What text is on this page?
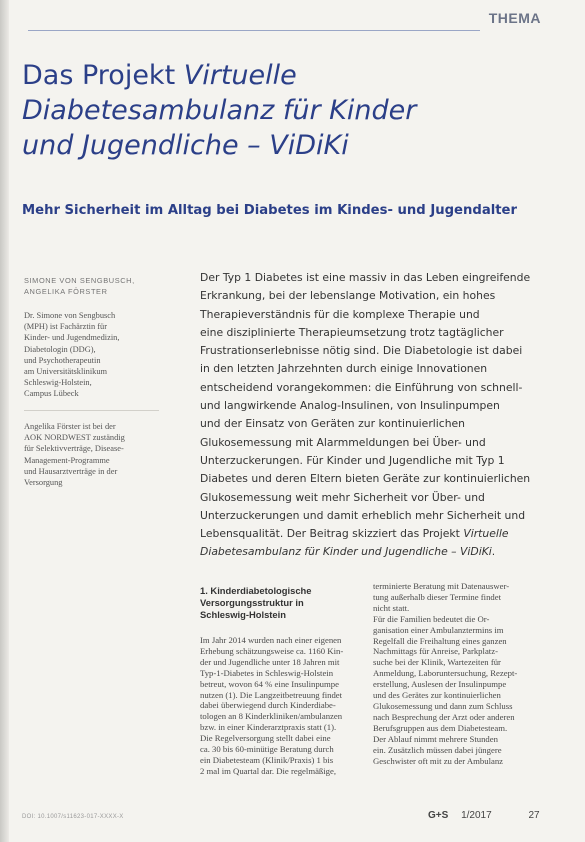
THEMA
Das Projekt Virtuelle
Diabetesambulanz für Kinder
und Jugendliche – ViDiKi
Mehr Sicherheit im Alltag bei Diabetes im Kindes- und Jugendalter
SIMONE VON SENGBUSCH,
ANGELIKA FÖRSTER
Dr. Simone von Sengbusch
(MPH) ist Fachärztin für
Kinder- und Jugendmedizin,
Diabetologin (DDG),
und Psychotherapeutin
am Universitätsklinikum
Schleswig-Holstein,
Campus Lübeck
Angelika Förster ist bei der
AOK NORDWEST zuständig
für Selektivverträge, Disease-
Management-Programme
und Hausarztverträge in der
Versorgung
Der Typ 1 Diabetes ist eine massiv in das Leben eingreifende
Erkrankung, bei der lebenslange Motivation, ein hohes
Therapieverständnis für die komplexe Therapie und
eine disziplinierte Therapieumsetzung trotz tagtäglicher
Frustrationserlebnisse nötig sind. Die Diabetologie ist dabei
in den letzten Jahrzehnten durch einige Innovationen
entscheidend vorangekommen: die Einführung von schnell-
und langwirkende Analog-Insulinen, von Insulinpumpen
und der Einsatz von Geräten zur kontinuierlichen
Glukosemessung mit Alarmmeldungen bei Über- und
Unterzuckerungen. Für Kinder und Jugendliche mit Typ 1
Diabetes und deren Eltern bieten Geräte zur kontinuierlichen
Glukosemessung weit mehr Sicherheit vor Über- und
Unterzuckerungen und damit erheblich mehr Sicherheit und
Lebensqualität. Der Beitrag skizziert das Projekt Virtuelle
Diabetesambulanz für Kinder und Jugendliche – ViDiKi.
1. Kinderdiabetologische
Versorgungsstruktur in
Schleswig-Holstein
Im Jahr 2014 wurden nach einer eigenen
Erhebung schätzungsweise ca. 1160 Kin-
der und Jugendliche unter 18 Jahren mit
Typ-1-Diabetes in Schleswig-Holstein
betreut, wovon 64 % eine Insulinpumpe
nutzen (1). Die Langzeitbetreuung findet
dabei überwiegend durch Kinderdiabe-
tologen an 8 Kinderkliniken/ambulanzen
bzw. in einer Kinderarztpraxis statt (1).
Die Regelversorgung stellt dabei eine
ca. 30 bis 60-minütige Beratung durch
ein Diabetesteam (Klinik/Praxis) 1 bis
2 mal im Quartal dar. Die regelmäßige,
terminierte Beratung mit Datenauswer-
tung außerhalb dieser Termine findet
nicht statt.
Für die Familien bedeutet die Or-
ganisation einer Ambulanztermins im
Regelfall die Freihaltung eines ganzen
Nachmittags für Anreise, Parkplatz-
suche bei der Klinik, Wartezeiten für
Anmeldung, Laboruntersuchung, Rezept-
erstellung, Auslesen der Insulinpumpe
und des Gerätes zur kontinuierlichen
Glukosemessung und dann zum Schluss
nach Besprechung der Arzt oder anderen
Berufsgruppen aus dem Diabetesteam.
Der Ablauf nimmt mehrere Stunden
ein. Zusätzlich müssen dabei jüngere
Geschwister oft mit zu der Ambulanz
DOI: 10.1007/s11623-017-XXXX-X	G+S 1/2017	27
